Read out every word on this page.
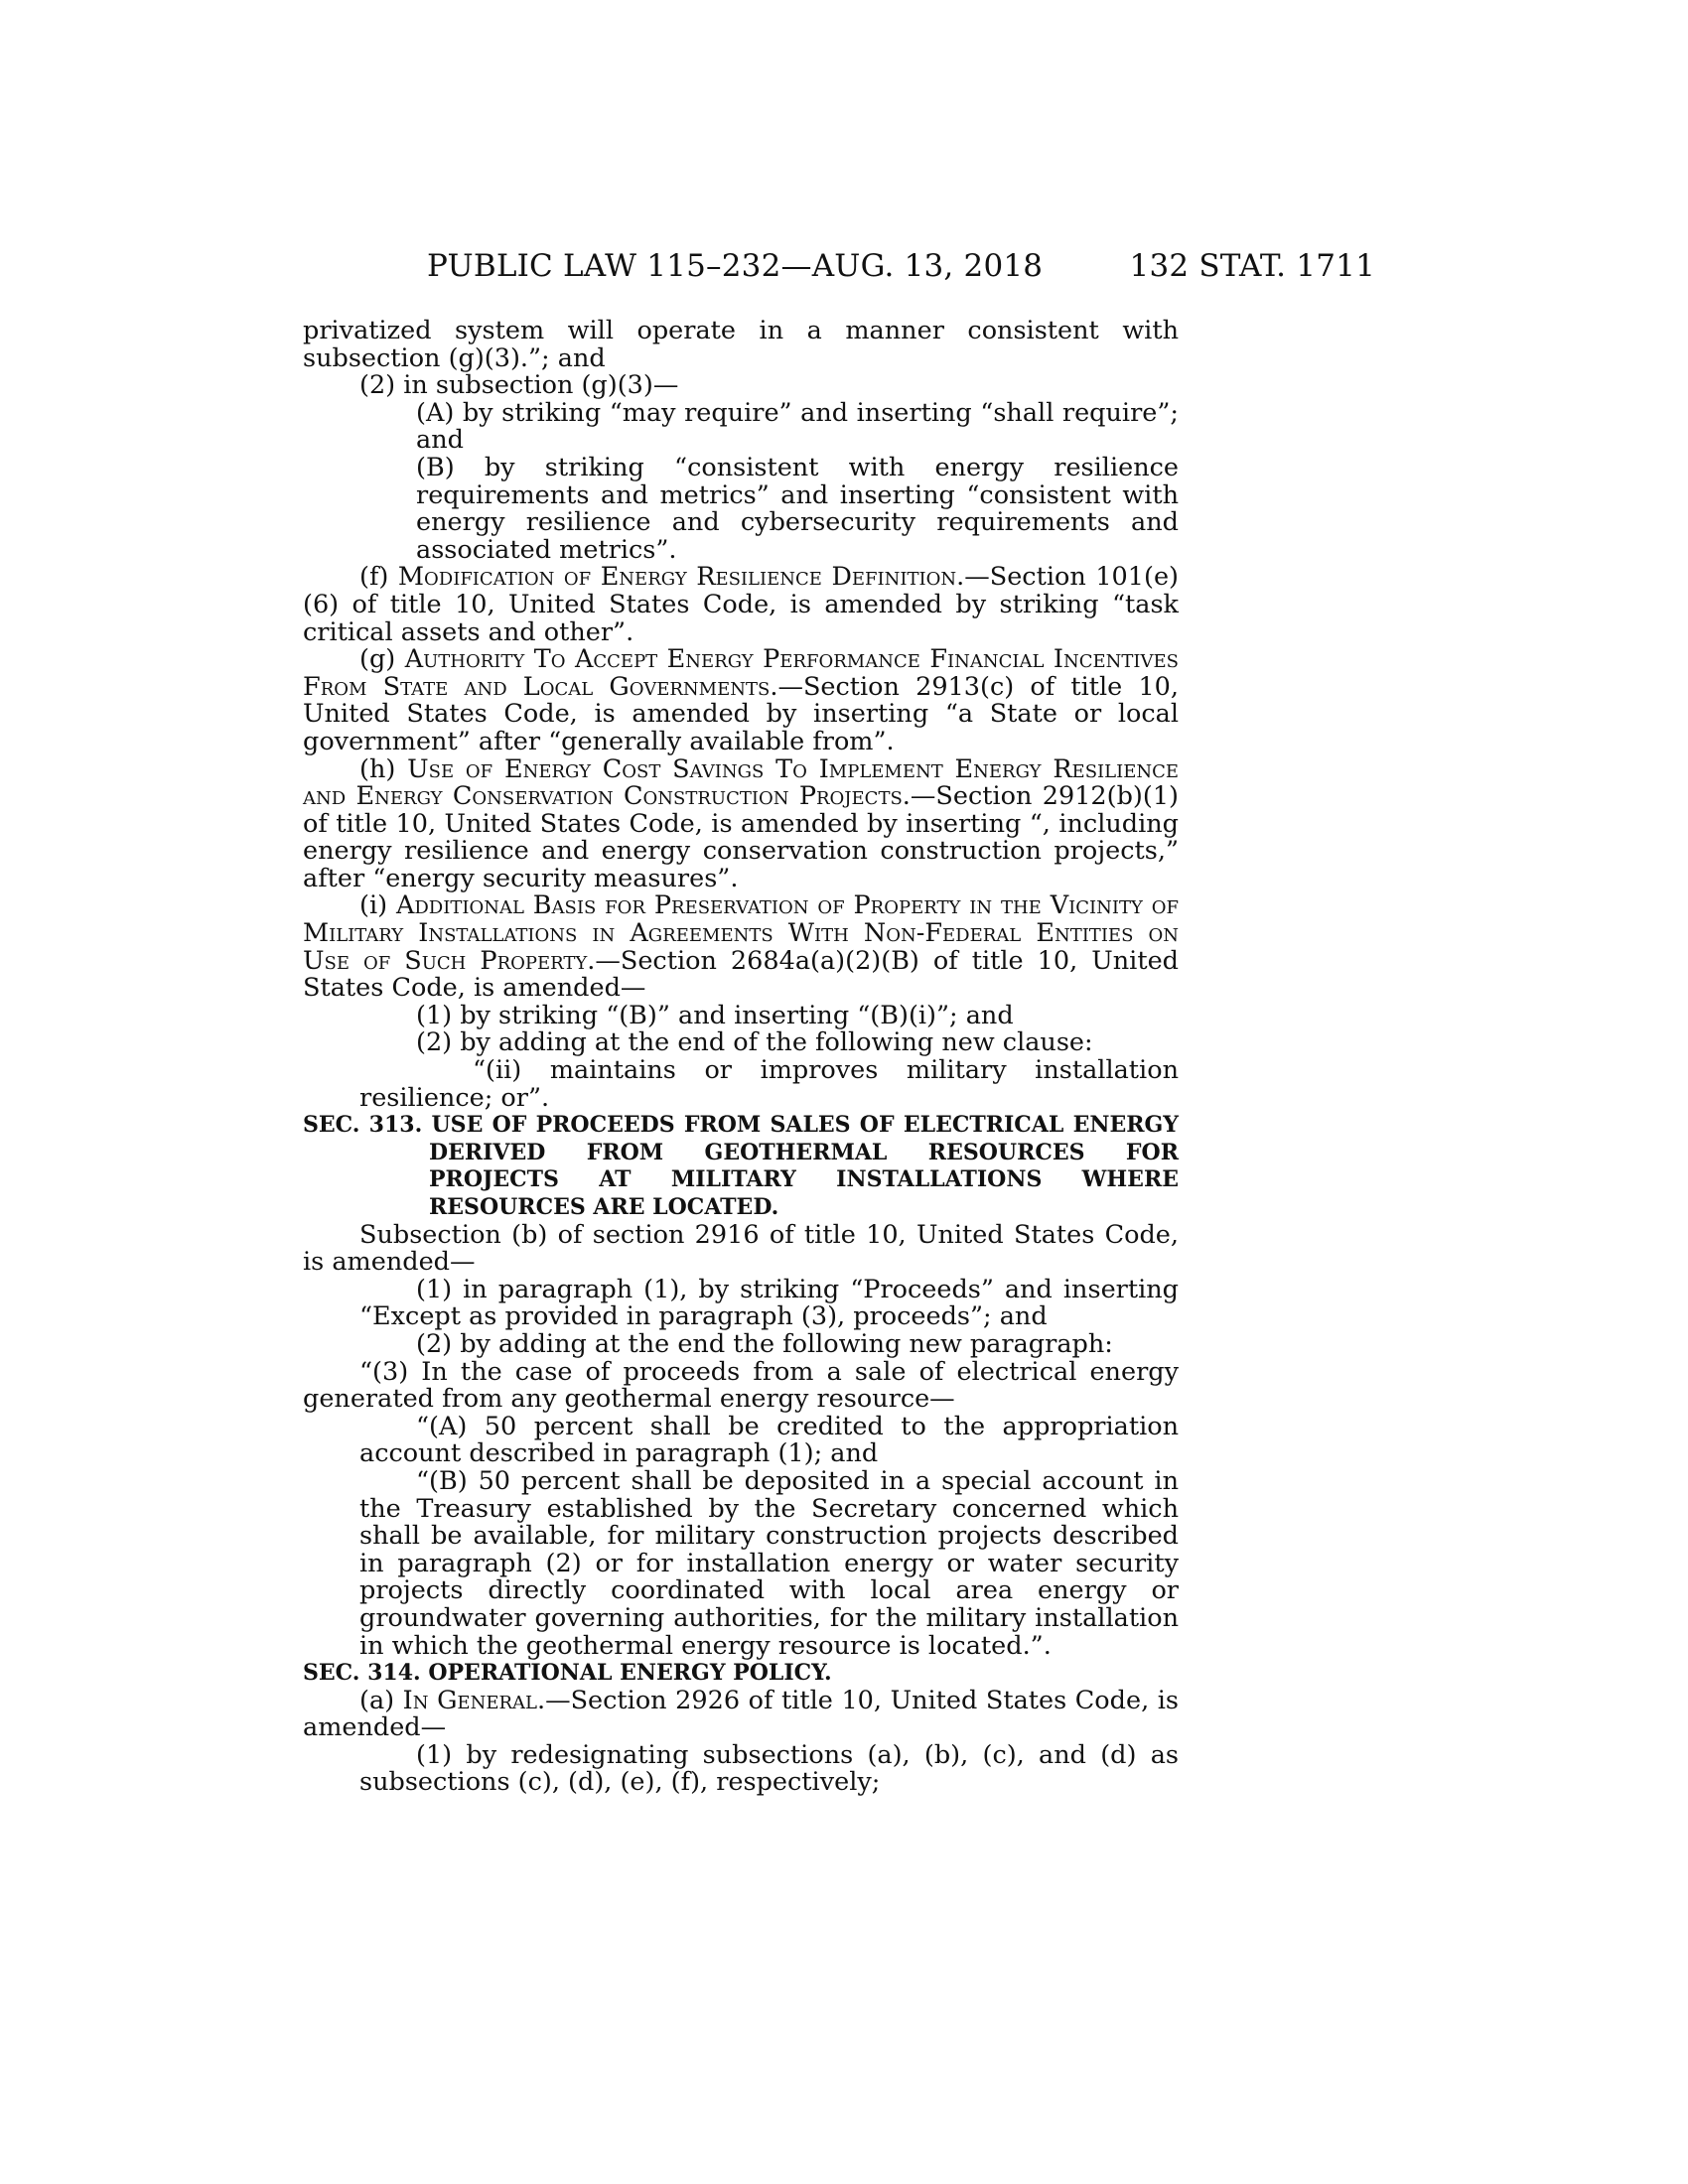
PUBLIC LAW 115–232—AUG. 13, 2018	132 STAT. 1711

privatized system will operate in a manner consistent with subsection (g)(3).”; and

(2) in subsection (g)(3)—

(A) by striking “may require” and inserting “shall require”; and

(B) by striking “consistent with energy resilience requirements and metrics” and inserting “consistent with energy resilience and cybersecurity requirements and associated metrics”.

(f) Modification of Energy Resilience Definition.—Section 101(e)(6) of title 10, United States Code, is amended by striking “task critical assets and other”.

(g) Authority To Accept Energy Performance Financial Incentives From State and Local Governments.—Section 2913(c) of title 10, United States Code, is amended by inserting “a State or local government” after “generally available from”.

(h) Use of Energy Cost Savings To Implement Energy Resilience and Energy Conservation Construction Projects.—Section 2912(b)(1) of title 10, United States Code, is amended by inserting “, including energy resilience and energy conservation construction projects,” after “energy security measures”.

(i) Additional Basis for Preservation of Property in the Vicinity of Military Installations in Agreements With Non-Federal Entities on Use of Such Property.—Section 2684a(a)(2)(B) of title 10, United States Code, is amended—

(1) by striking “(B)” and inserting “(B)(i)”; and

(2) by adding at the end of the following new clause:

“(ii) maintains or improves military installation resilience; or”.

SEC. 313. USE OF PROCEEDS FROM SALES OF ELECTRICAL ENERGY DERIVED FROM GEOTHERMAL RESOURCES FOR PROJECTS AT MILITARY INSTALLATIONS WHERE RESOURCES ARE LOCATED.

Subsection (b) of section 2916 of title 10, United States Code, is amended—

(1) in paragraph (1), by striking “Proceeds” and inserting “Except as provided in paragraph (3), proceeds”; and

(2) by adding at the end the following new paragraph:

“(3) In the case of proceeds from a sale of electrical energy generated from any geothermal energy resource—

“(A) 50 percent shall be credited to the appropriation account described in paragraph (1); and

“(B) 50 percent shall be deposited in a special account in the Treasury established by the Secretary concerned which shall be available, for military construction projects described in paragraph (2) or for installation energy or water security projects directly coordinated with local area energy or groundwater governing authorities, for the military installation in which the geothermal energy resource is located.”.

SEC. 314. OPERATIONAL ENERGY POLICY.

(a) In General.—Section 2926 of title 10, United States Code, is amended—

(1) by redesignating subsections (a), (b), (c), and (d) as subsections (c), (d), (e), (f), respectively;
